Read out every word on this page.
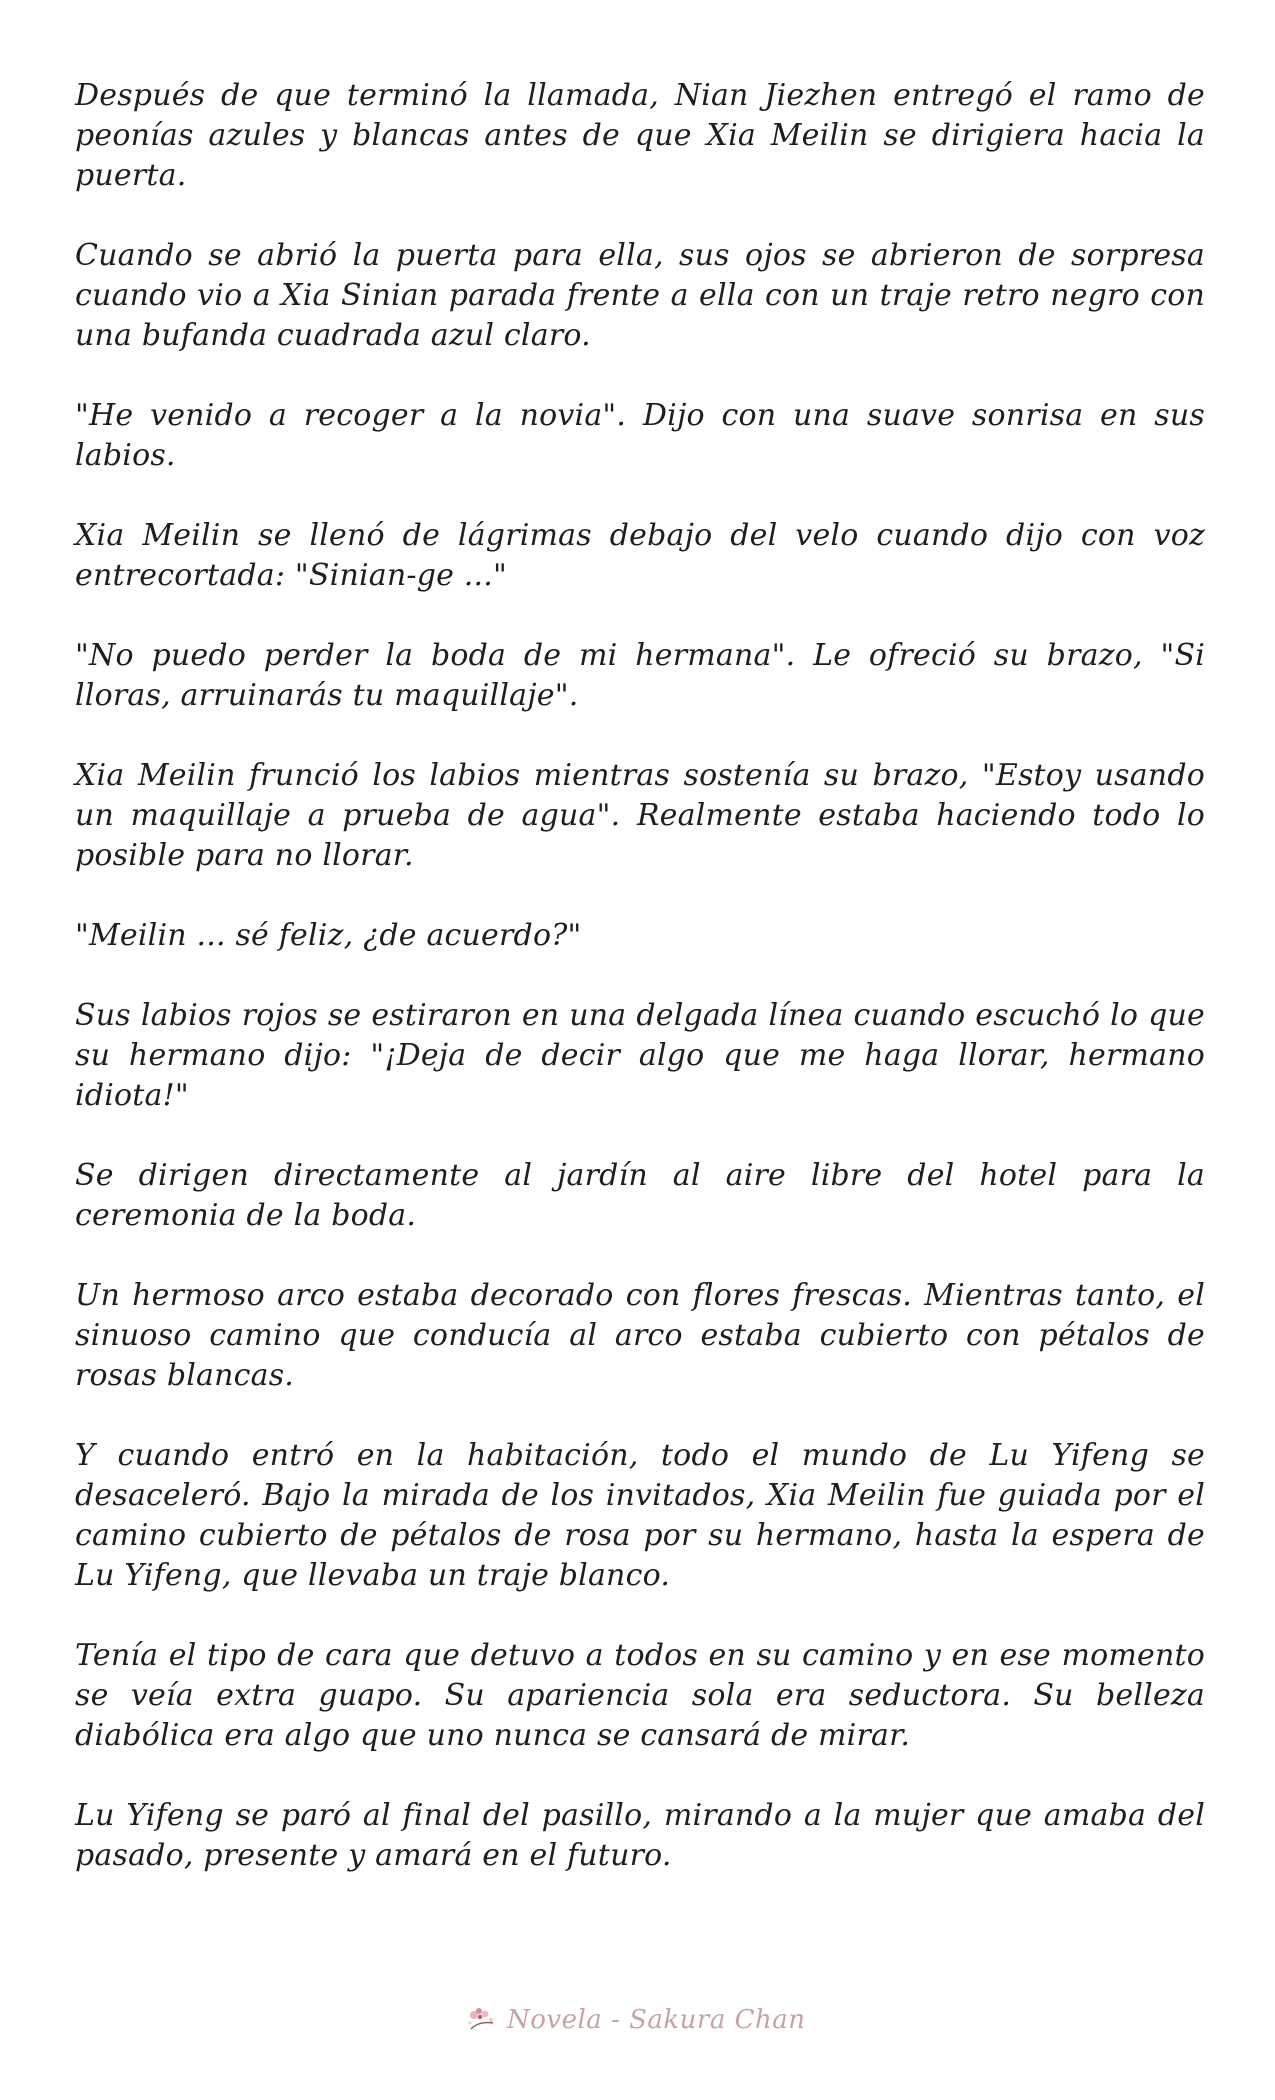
Después de que terminó la llamada, Nian Jiezhen entregó el ramo de peonías azules y blancas antes de que Xia Meilin se dirigiera hacia la puerta.

Cuando se abrió la puerta para ella, sus ojos se abrieron de sorpresa cuando vio a Xia Sinian parada frente a ella con un traje retro negro con una bufanda cuadrada azul claro.

"He venido a recoger a la novia". Dijo con una suave sonrisa en sus labios.

Xia Meilin se llenó de lágrimas debajo del velo cuando dijo con voz entrecortada: "Sinian-ge ..."

"No puedo perder la boda de mi hermana". Le ofreció su brazo, "Si lloras, arruinarás tu maquillaje".

Xia Meilin frunció los labios mientras sostenía su brazo, "Estoy usando un maquillaje a prueba de agua". Realmente estaba haciendo todo lo posible para no llorar.

"Meilin ... sé feliz, ¿de acuerdo?"

Sus labios rojos se estiraron en una delgada línea cuando escuchó lo que su hermano dijo: "¡Deja de decir algo que me haga llorar, hermano idiota!"

Se dirigen directamente al jardín al aire libre del hotel para la ceremonia de la boda.

Un hermoso arco estaba decorado con flores frescas. Mientras tanto, el sinuoso camino que conducía al arco estaba cubierto con pétalos de rosas blancas.

Y cuando entró en la habitación, todo el mundo de Lu Yifeng se desaceleró. Bajo la mirada de los invitados, Xia Meilin fue guiada por el camino cubierto de pétalos de rosa por su hermano, hasta la espera de Lu Yifeng, que llevaba un traje blanco.

Tenía el tipo de cara que detuvo a todos en su camino y en ese momento se veía extra guapo. Su apariencia sola era seductora. Su belleza diabólica era algo que uno nunca se cansará de mirar.

Lu Yifeng se paró al final del pasillo, mirando a la mujer que amaba del pasado, presente y amará en el futuro.

Novela - Sakura Chan
